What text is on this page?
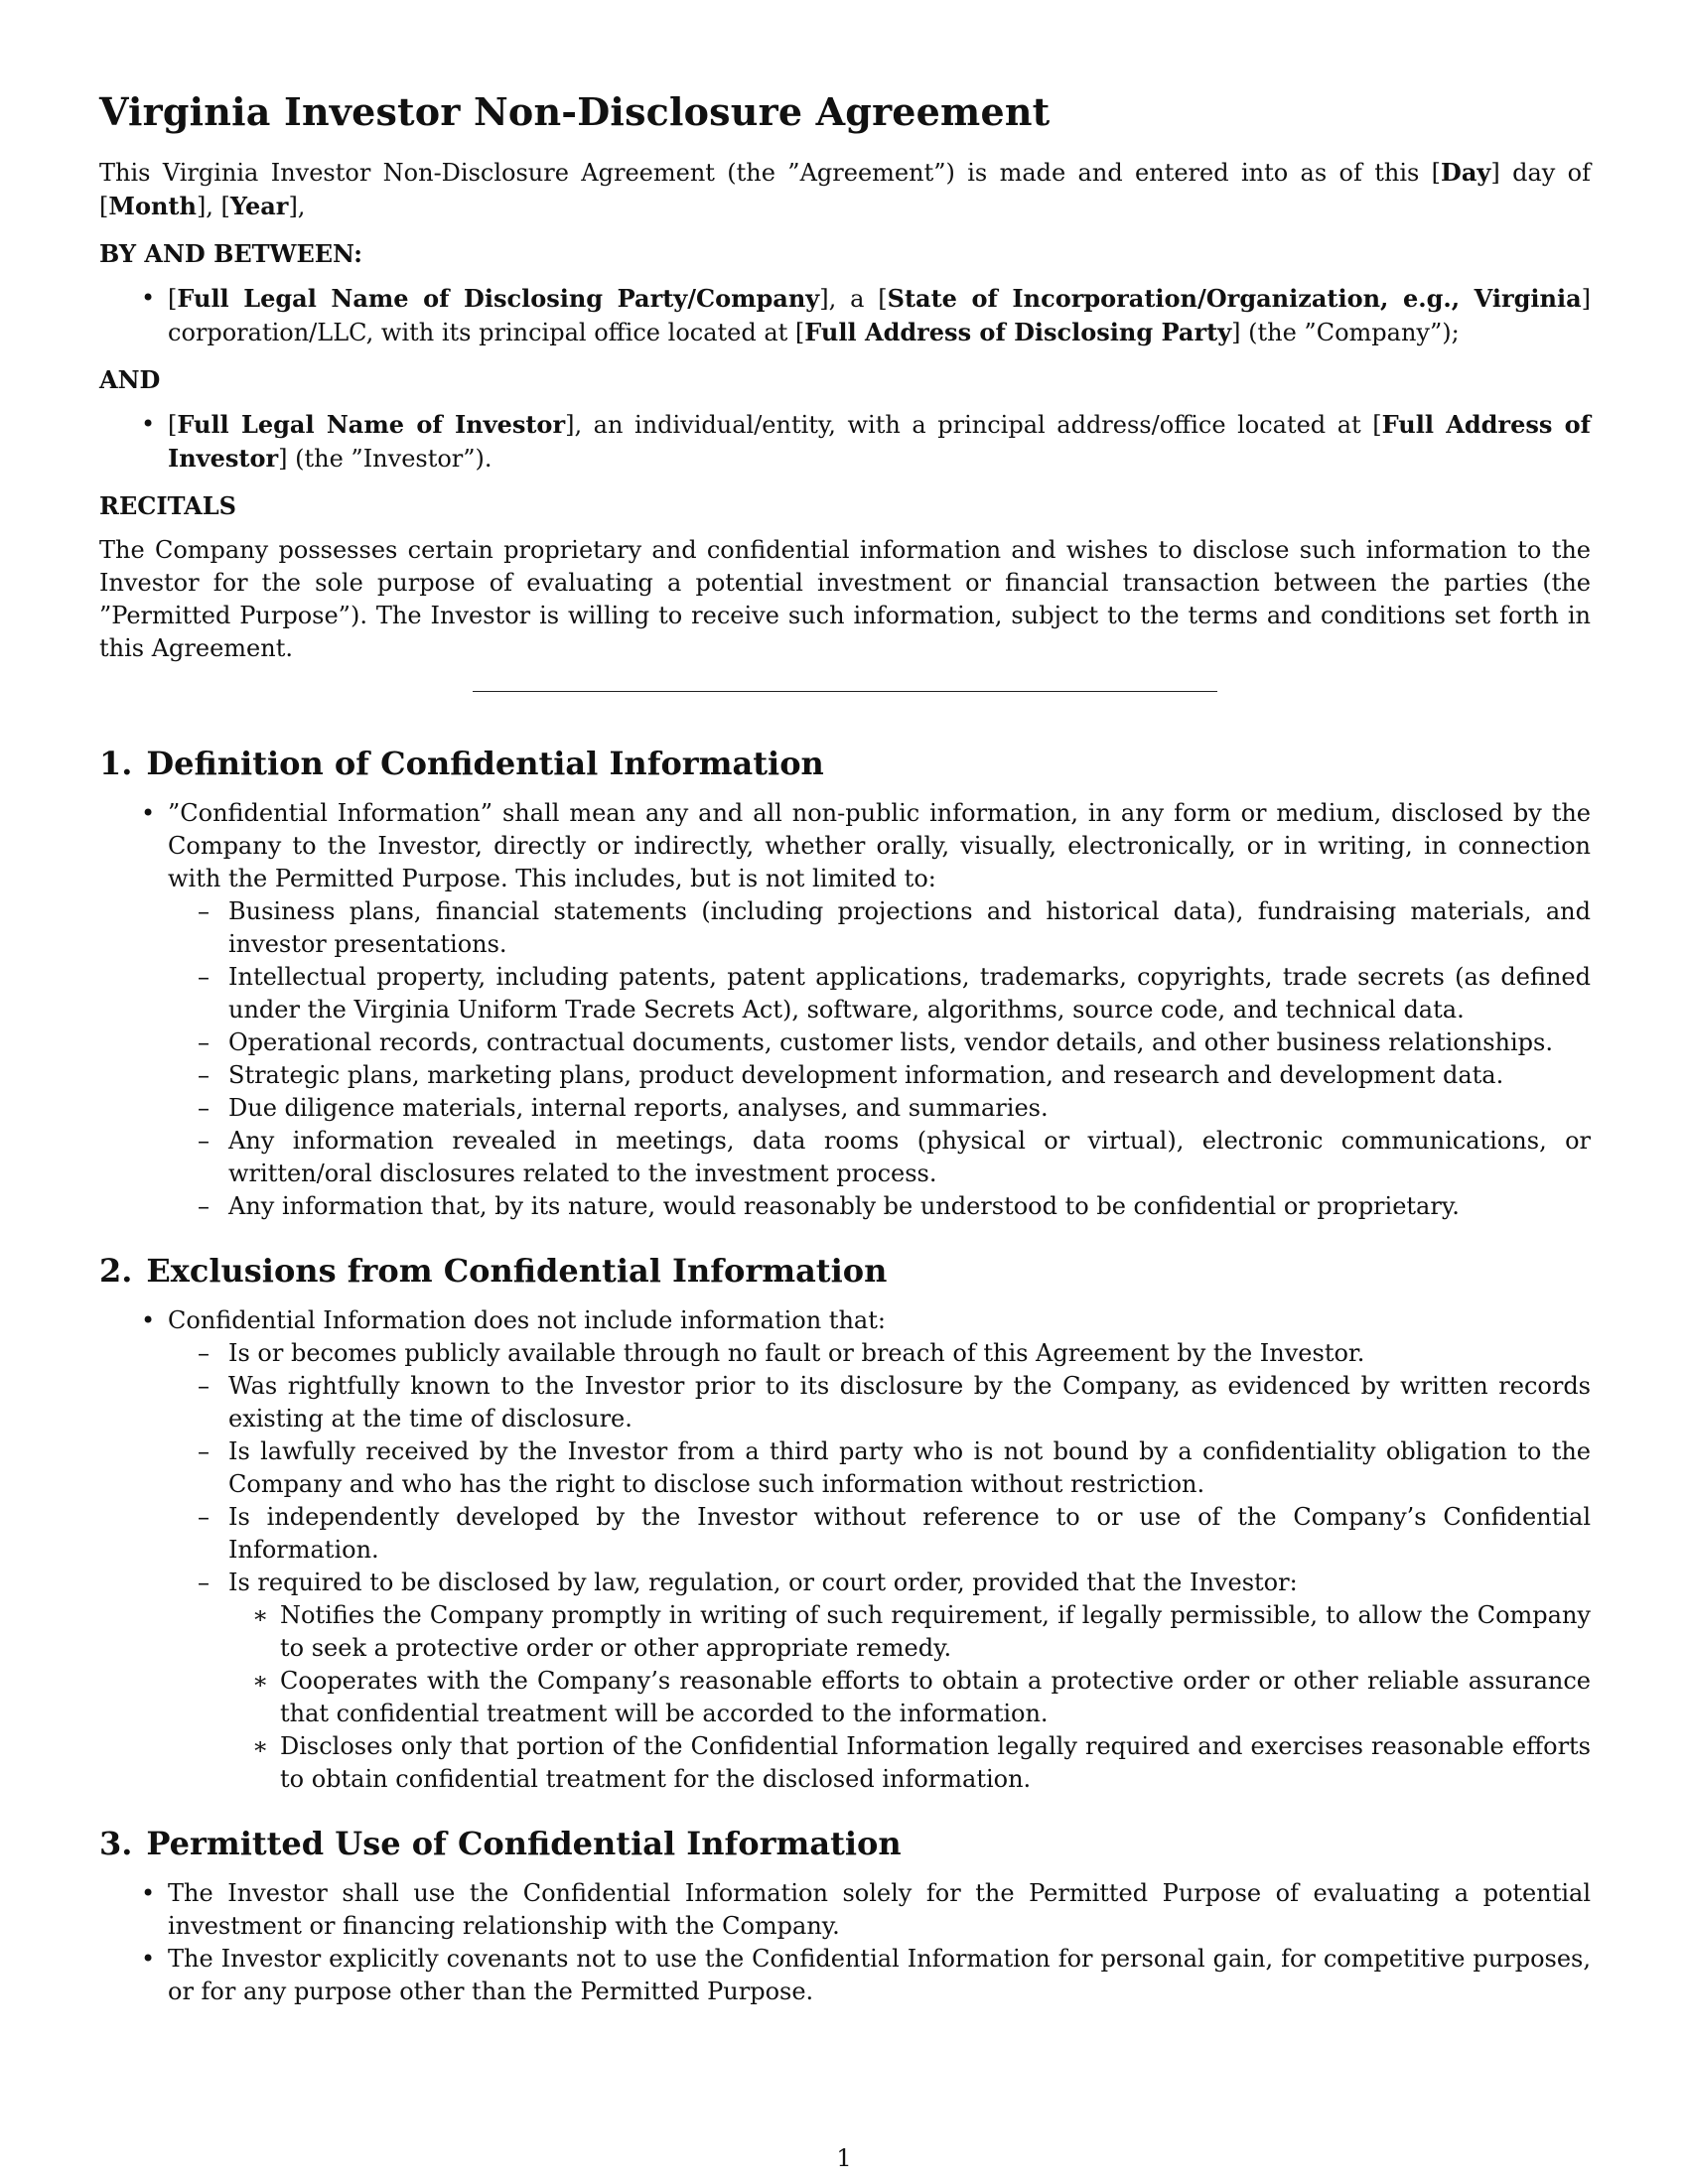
Virginia Investor Non-Disclosure Agreement

This Virginia Investor Non-Disclosure Agreement (the ”Agreement”) is made and entered into as of this [Day] day of [Month], [Year],

BY AND BETWEEN:
• [Full Legal Name of Disclosing Party/Company], a [State of Incorporation/Organization, e.g., Virginia] corporation/LLC, with its principal office located at [Full Address of Disclosing Party] (the ”Company”);
AND
• [Full Legal Name of Investor], an individual/entity, with a principal address/office located at [Full Address of Investor] (the ”Investor”).
RECITALS

The Company possesses certain proprietary and confidential information and wishes to disclose such information to the Investor for the sole purpose of evaluating a potential investment or financial transaction between the parties (the ”Permitted Purpose”). The Investor is willing to receive such information, subject to the terms and conditions set forth in this Agreement.

1. Definition of Confidential Information
• ”Confidential Information” shall mean any and all non-public information, in any form or medium, disclosed by the Company to the Investor, directly or indirectly, whether orally, visually, electronically, or in writing, in connection with the Permitted Purpose. This includes, but is not limited to:
– Business plans, financial statements (including projections and historical data), fundraising materials, and investor presentations.
– Intellectual property, including patents, patent applications, trademarks, copyrights, trade secrets (as defined under the Virginia Uniform Trade Secrets Act), software, algorithms, source code, and technical data.
– Operational records, contractual documents, customer lists, vendor details, and other business relationships.
– Strategic plans, marketing plans, product development information, and research and development data.
– Due diligence materials, internal reports, analyses, and summaries.
– Any information revealed in meetings, data rooms (physical or virtual), electronic communications, or written/oral disclosures related to the investment process.
– Any information that, by its nature, would reasonably be understood to be confidential or proprietary.
2. Exclusions from Confidential Information
• Confidential Information does not include information that:
– Is or becomes publicly available through no fault or breach of this Agreement by the Investor.
– Was rightfully known to the Investor prior to its disclosure by the Company, as evidenced by written records existing at the time of disclosure.
– Is lawfully received by the Investor from a third party who is not bound by a confidentiality obligation to the Company and who has the right to disclose such information without restriction.
– Is independently developed by the Investor without reference to or use of the Company’s Confidential Information.
– Is required to be disclosed by law, regulation, or court order, provided that the Investor:
∗ Notifies the Company promptly in writing of such requirement, if legally permissible, to allow the Company to seek a protective order or other appropriate remedy.
∗ Cooperates with the Company’s reasonable efforts to obtain a protective order or other reliable assurance that confidential treatment will be accorded to the information.
∗ Discloses only that portion of the Confidential Information legally required and exercises reasonable efforts to obtain confidential treatment for the disclosed information.
3. Permitted Use of Confidential Information
• The Investor shall use the Confidential Information solely for the Permitted Purpose of evaluating a potential investment or financing relationship with the Company.
• The Investor explicitly covenants not to use the Confidential Information for personal gain, for competitive purposes, or for any purpose other than the Permitted Purpose.
1
